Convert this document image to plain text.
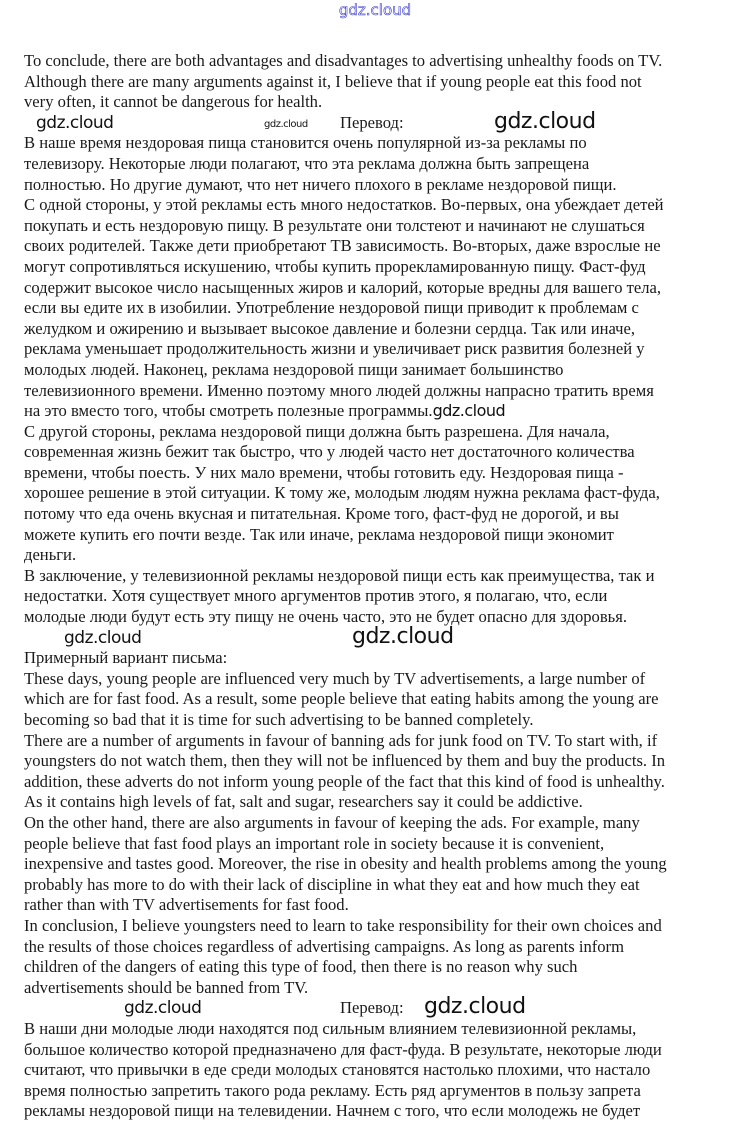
gdz.cloud

To conclude, there are both advantages and disadvantages to advertising unhealthy foods on TV.

Although there are many arguments against it, I believe that if young people eat this food not

very often, it cannot be dangerous for health.

gdz.cloud	gdz.cloud Перевод:	gdz.cloud

В наше время нездоровая пища становится очень популярной из-за рекламы по

телевизору. Некоторые люди полагают, что эта реклама должна быть запрещена

полностью. Но другие думают, что нет ничего плохого в рекламе нездоровой пищи.

С одной стороны, у этой рекламы есть много недостатков. Во-первых, она убеждает детей

покупать и есть нездоровую пищу. В результате они толстеют и начинают не слушаться

своих родителей. Также дети приобретают ТВ зависимость. Во-вторых, даже взрослые не

могут сопротивляться искушению, чтобы купить прорекламированную пищу. Фаст-фуд

содержит высокое число насыщенных жиров и калорий, которые вредны для вашего тела,

если вы едите их в изобилии. Употребление нездоровой пищи приводит к проблемам с

желудком и ожирению и вызывает высокое давление и болезни сердца. Так или иначе,

реклама уменьшает продолжительность жизни и увеличивает риск развития болезней у

молодых людей. Наконец, реклама нездоровой пищи занимает большинство

телевизионного времени. Именно поэтому много людей должны напрасно тратить время

на это вместо того, чтобы смотреть полезные программы.gdz.cloud

С другой стороны, реклама нездоровой пищи должна быть разрешена. Для начала,

современная жизнь бежит так быстро, что у людей часто нет достаточного количества

времени, чтобы поесть. У них мало времени, чтобы готовить еду. Нездоровая пища -

хорошее решение в этой ситуации. К тому же, молодым людям нужна реклама фаст-фуда,

потому что еда очень вкусная и питательная. Кроме того, фаст-фуд не дорогой, и вы

можете купить его почти везде. Так или иначе, реклама нездоровой пищи экономит

деньги.

В заключение, у телевизионной рекламы нездоровой пищи есть как преимущества, так и

недостатки. Хотя существует много аргументов против этого, я полагаю, что, если

молодые люди будут есть эту пищу не очень часто, это не будет опасно для здоровья.

gdz.cloud	gdz.cloud
Примерный вариант письма:

These days, young people are influenced very much by TV advertisements, a large number of

which are for fast food. As a result, some people believe that eating habits among the young are

becoming so bad that it is time for such advertising to be banned completely.

There are a number of arguments in favour of banning ads for junk food on TV. To start with, if

youngsters do not watch them, then they will not be influenced by them and buy the products. In

addition, these adverts do not inform young people of the fact that this kind of food is unhealthy.

As it contains high levels of fat, salt and sugar, researchers say it could be addictive.

On the other hand, there are also arguments in favour of keeping the ads. For example, many

people believe that fast food plays an important role in society because it is convenient,

inexpensive and tastes good. Moreover, the rise in obesity and health problems among the young

probably has more to do with their lack of discipline in what they eat and how much they eat

rather than with TV advertisements for fast food.

In conclusion, I believe youngsters need to learn to take responsibility for their own choices and

the results of those choices regardless of advertising campaigns. As long as parents inform

children of the dangers of eating this type of food, then there is no reason why such

advertisements should be banned from TV.

gdz.cloud	Перевод: gdz.cloud

В наши дни молодые люди находятся под сильным влиянием телевизионной рекламы,

большое количество которой предназначено для фаст-фуда. В результате, некоторые люди

считают, что привычки в еде среди молодых становятся настолько плохими, что настало

время полностью запретить такого рода рекламу. Есть ряд аргументов в пользу запрета

рекламы нездоровой пищи на телевидении. Начнем с того, что если молодежь не будет
